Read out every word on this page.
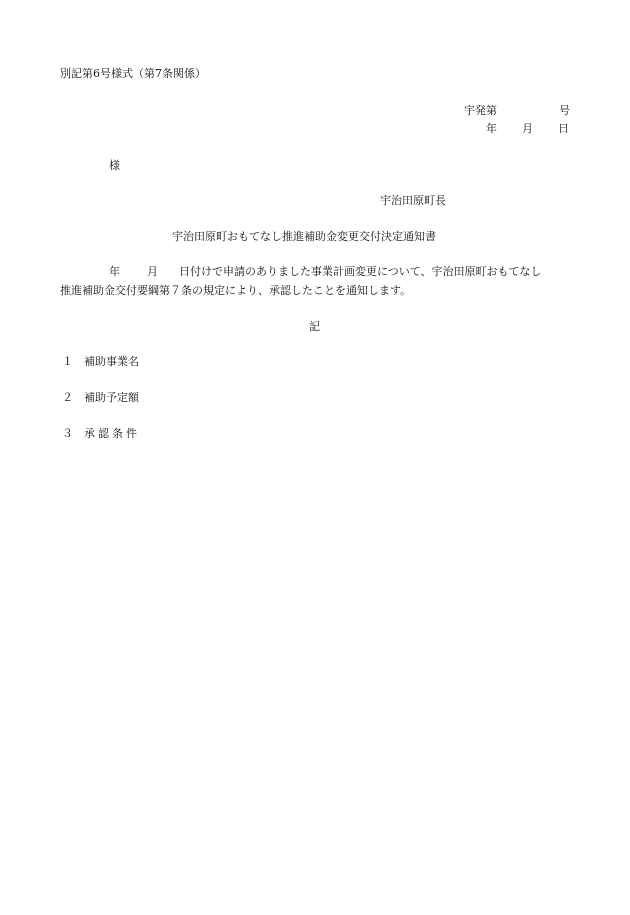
別記第6号様式（第7条関係）
宇発第	号
年 月 日
様
宇治田原町長
宇治田原町おもてなし推進補助金変更交付決定通知書
年 月 日付けで申請のありました事業計画変更について、宇治田原町おもてなし
推進補助金交付要綱第７条の規定により、承認したことを通知します。
記
１ 補助事業名
２ 補助予定額
３ 承認条件
